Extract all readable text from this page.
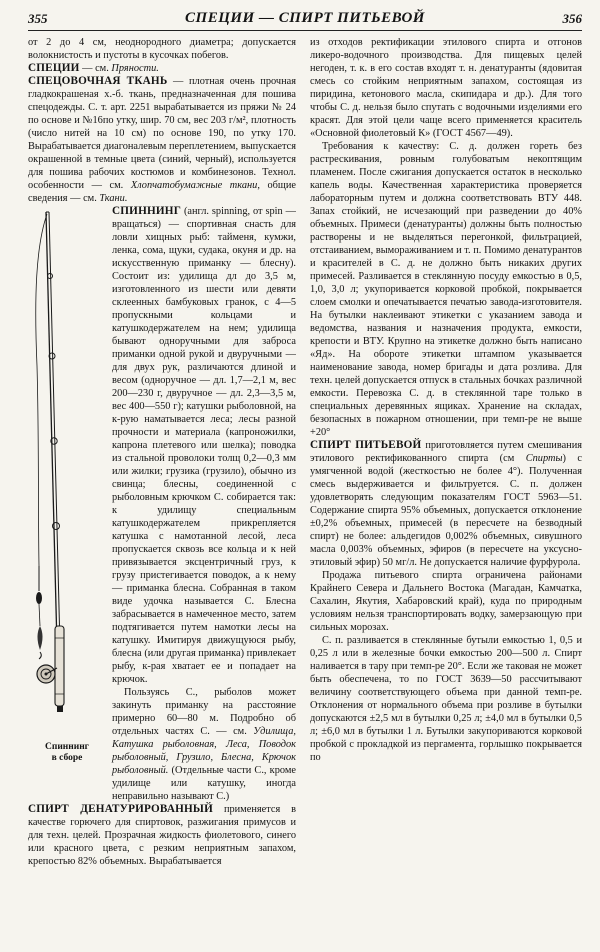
355	СПЕЦИИ — СПИРТ ПИТЬЕВОЙ	356

от 2 до 4 см, неоднородного диаметра; допускается волокнистость и пустоты в кусочках побегов.

СПЕЦИИ — см. Пряности.

СПЕЦОВОЧНАЯ ТКАНЬ — плотная очень прочная гладкокрашеная х.-б. ткань, предназначенная для пошива спецодежды. С. т. арт. 2251 вырабатывается из пряжи № 24 по основе и №16по утку, шир. 70 см, вес 203 г/м², плотность (число нитей на 10 см) по основе 190, по утку 170. Вырабатывается диагоналевым переплетением, выпускается окрашенной в темные цвета (синий, черный), используется для пошива рабочих костюмов и комбинезонов. Технол. особенности — см. Хлопчатобумажные ткани, общие сведения — см. Ткани.

СПИННИНГ
Спиннинг
в сборе
(англ. spinning, от spin — вращаться) — спортивная снасть для ловли хищных рыб: тайменя, кумжи, ленка, сома, щуки, судака, окуня и др. на искусственную приманку — блесну). Состоит из: удилища дл до 3,5 м, изготовленного из шести или девяти склеенных бамбуковых гранок, с 4—5 пропускными кольцами и катушкодержателем на нем; удилища бывают одноручными для заброса приманки одной рукой и двуручными — для двух рук, различаются длиной и весом (одноручное — дл. 1,7—2,1 м, вес 200—230 г, двуручное — дл. 2,3—3,5 м, вес 400—550 г); катушки рыболовной, на к-рую наматывается леса; лесы разной прочности и материала (капроножилки, капрона плетевого или шелка); поводка из стальной проволоки толщ 0,2—0,3 мм или жилки; грузика (грузило), обычно из свинца; блесны, соединенной с рыболовным крючком С. собирается так: к удилищу специальным катушкодержателем прикрепляется катушка с намотанной лесой, леса пропускается сквозь все кольца и к ней привязывается эксцентричный груз, к грузу пристегивается поводок, а к нему — приманка блесна. Собранная в таком виде удочка называется С. Блесна забрасывается в намеченное место, затем подтягивается путем намотки лесы на катушку. Имитируя движущуюся рыбу, блесна (или другая приманка) привлекает рыбу, к-рая хватает ее и попадает на крючок.

Пользуясь С., рыболов может закинуть приманку на расстояние примерно 60—80 м. Подробно об отдельных частях С. — см. Удилища, Катушка рыболовная, Леса, Поводок рыболовный, Грузило, Блесна, Крючок рыболовный. (Отдельные части С., кроме удилище или катушку, иногда неправильно называют С.)

СПИРТ ДЕНАТУРИРОВАННЫЙ применяется в качестве горючего для спиртовок, разжигания примусов и для техн. целей. Прозрачная жидкость фиолетового, синего или красного цвета, с резким неприятным запахом, крепостью 82% объемных. Вырабатывается

из отходов ректификации этилового спирта и отгонов ликеро-водочного производства. Для пищевых целей негоден, т. к. в его состав входят т. н. денатуранты (ядовитая смесь со стойким неприятным запахом, состоящая из пиридина, кетонового масла, скипидара и др.). Для того чтобы С. д. нельзя было спутать с водочными изделиями его красят. Для этой цели чаще всего применяется краситель «Основной фиолетовый К» (ГОСТ 4567—49).

Требования к качеству: С. д. должен гореть без растрескивания, ровным голубоватым некоптящим пламенем. После сжигания допускается остаток в несколько капель воды. Качественная характеристика проверяется лабораторным путем и должна соответствовать ВТУ 448. Запах стойкий, не исчезающий при разведении до 40% объемных. Примеси (денатуранты) должны быть полностью растворены и не выделяться перегонкой, фильтрацией, отстаиванием, вымораживанием и т. п. Помимо денатурантов и красителей в С. д. не должно быть никаких других примесей. Разливается в стеклянную посуду емкостью в 0,5, 1,0, 3,0 л; укупоривается корковой пробкой, покрывается слоем смолки и опечатывается печатью завода-изготовителя. На бутылки наклеивают этикетки с указанием завода и ведомства, названия и назначения продукта, емкости, крепости и ВТУ. Крупно на этикетке должно быть написано «Яд». На обороте этикетки штампом указывается наименование завода, номер бригады и дата розлива. Для техн. целей допускается отпуск в стальных бочках различной емкости. Перевозка С. д. в стеклянной таре только в специальных деревянных ящиках. Хранение на складах, безопасных в пожарном отношении, при темп-ре не выше +20°

СПИРТ ПИТЬЕВОЙ приготовляется путем смешивания этилового ректификованного спирта (см Спирты) с умягченной водой (жесткостью не более 4°). Полученная смесь выдерживается и фильтруется. С. п. должен удовлетворять следующим показателям ГОСТ 5963—51. Содержание спирта 95% объемных, допускается отклонение ±0,2% объемных, примесей (в пересчете на безводный спирт) не более: альдегидов 0,002% объемных, сивушного масла 0,003% объемных, эфиров (в пересчете на уксусно-этиловый эфир) 50 мг/л. Не допускается наличие фурфурола.

Продажа питьевого спирта ограничена районами Крайнего Севера и Дальнего Востока (Магадан, Камчатка, Сахалин, Якутия, Хабаровский край), куда по природным условиям нельзя транспортировать водку, замерзающую при сильных морозах.

С. п. разливается в стеклянные бутыли емкостью 1, 0,5 и 0,25 л или в железные бочки емкостью 200—500 л. Спирт наливается в тару при темп-ре 20°. Если же таковая не может быть обеспечена, то по ГОСТ 3639—50 рассчитывают величину соответствующего объема при данной темп-ре. Отклонения от нормального объема при розливе в бутылки допускаются ±2,5 мл в бутылки 0,25 л; ±4,0 мл в бутылки 0,5 л; ±6,0 мл в бутылки 1 л. Бутылки закупориваются корковой пробкой с прокладкой из пергамента, горлышко покрывается по
